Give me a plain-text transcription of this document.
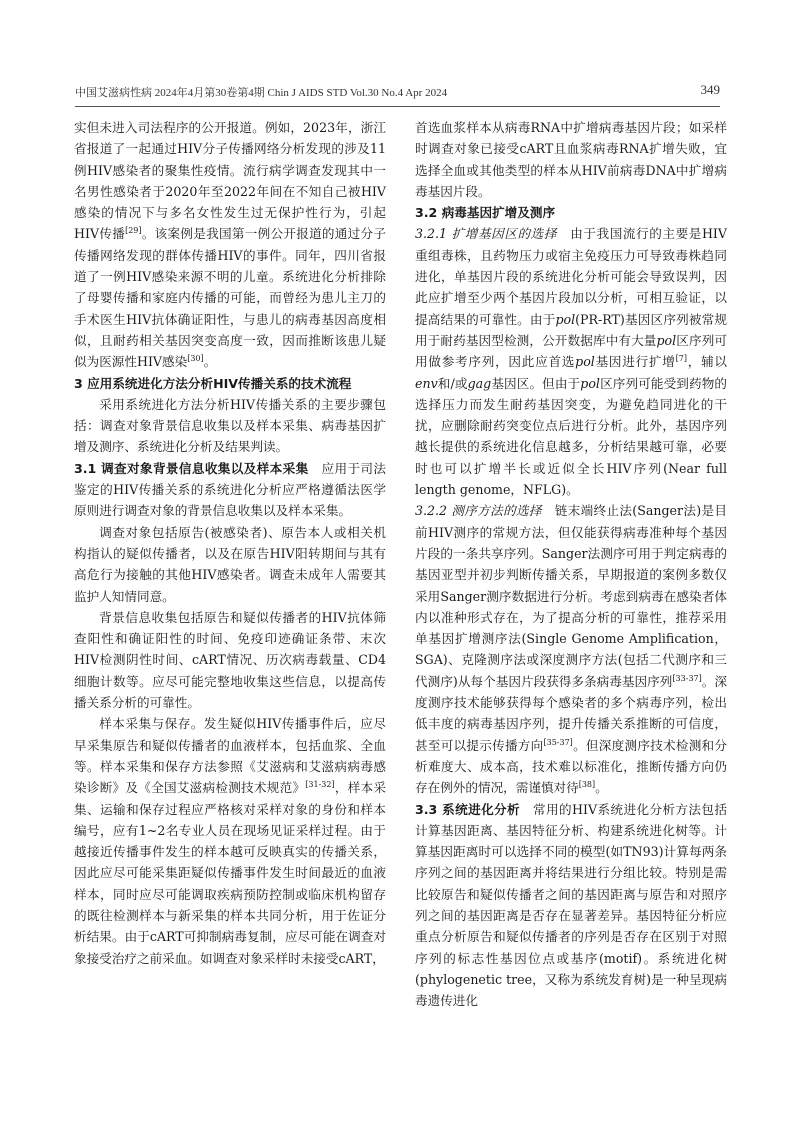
中国艾滋病性病 2024年4月第30卷第4期 Chin J AIDS STD Vol.30 No.4 Apr 2024	349

实但未进入司法程序的公开报道。例如，2023年，浙江省报道了一起通过HIV分子传播网络分析发现的涉及11例HIV感染者的聚集性疫情。流行病学调查发现其中一名男性感染者于2020年至2022年间在不知自己被HIV感染的情况下与多名女性发生过无保护性行为，引起HIV传播[29]。该案例是我国第一例公开报道的通过分子传播网络发现的群体传播HIV的事件。同年，四川省报道了一例HIV感染来源不明的儿童。系统进化分析排除了母婴传播和家庭内传播的可能，而曾经为患儿主刀的手术医生HIV抗体确证阳性，与患儿的病毒基因高度相似，且耐药相关基因突变高度一致，因而推断该患儿疑似为医源性HIV感染[30]。

3 应用系统进化方法分析HIV传播关系的技术流程

采用系统进化方法分析HIV传播关系的主要步骤包括：调查对象背景信息收集以及样本采集、病毒基因扩增及测序、系统进化分析及结果判读。

3.1 调查对象背景信息收集以及样本采集　 应用于司法鉴定的HIV传播关系的系统进化分析应严格遵循法医学原则进行调查对象的背景信息收集以及样本采集。

调查对象包括原告(被感染者)、原告本人或相关机构指认的疑似传播者，以及在原告HIV阳转期间与其有高危行为接触的其他HIV感染者。调查未成年人需要其监护人知情同意。

背景信息收集包括原告和疑似传播者的HIV抗体筛查阳性和确证阳性的时间、免疫印迹确证条带、末次HIV检测阴性时间、cART情况、历次病毒载量、CD4细胞计数等。应尽可能完整地收集这些信息，以提高传播关系分析的可靠性。

样本采集与保存。发生疑似HIV传播事件后，应尽早采集原告和疑似传播者的血液样本，包括血浆、全血等。样本采集和保存方法参照《艾滋病和艾滋病病毒感染诊断》及《全国艾滋病检测技术规范》[31-32]，样本采集、运输和保存过程应严格核对采样对象的身份和样本编号，应有1~2名专业人员在现场见证采样过程。由于越接近传播事件发生的样本越可反映真实的传播关系，因此应尽可能采集距疑似传播事件发生时间最近的血液样本，同时应尽可能调取疾病预防控制或临床机构留存的既往检测样本与新采集的样本共同分析，用于佐证分析结果。由于cART可抑制病毒复制，应尽可能在调查对象接受治疗之前采血。如调查对象采样时未接受cART，

首选血浆样本从病毒RNA中扩增病毒基因片段；如采样时调查对象已接受cART且血浆病毒RNA扩增失败，宜选择全血或其他类型的样本从HIV前病毒DNA中扩增病毒基因片段。

3.2 病毒基因扩增及测序

3.2.1 扩增基因区的选择　 由于我国流行的主要是HIV重组毒株，且药物压力或宿主免疫压力可导致毒株趋同进化，单基因片段的系统进化分析可能会导致误判，因此应扩增至少两个基因片段加以分析，可相互验证，以提高结果的可靠性。由于pol(PR-RT)基因区序列被常规用于耐药基因型检测，公开数据库中有大量pol区序列可用做参考序列，因此应首选pol基因进行扩增[7]，辅以env和/或gag基因区。但由于pol区序列可能受到药物的选择压力而发生耐药基因突变，为避免趋同进化的干扰，应删除耐药突变位点后进行分析。此外，基因序列越长提供的系统进化信息越多，分析结果越可靠，必要时也可以扩增半长或近似全长HIV序列(Near full length genome，NFLG)。

3.2.2 测序方法的选择　 链末端终止法(Sanger法)是目前HIV测序的常规方法，但仅能获得病毒准种每个基因片段的一条共享序列。Sanger法测序可用于判定病毒的基因亚型并初步判断传播关系，早期报道的案例多数仅采用Sanger测序数据进行分析。考虑到病毒在感染者体内以准种形式存在，为了提高分析的可靠性，推荐采用单基因扩增测序法(Single Genome Amplification，SGA)、克隆测序法或深度测序方法(包括二代测序和三代测序)从每个基因片段获得多条病毒基因序列[33-37]。深度测序技术能够获得每个感染者的多个病毒序列，检出低丰度的病毒基因序列，提升传播关系推断的可信度，甚至可以提示传播方向[35-37]。但深度测序技术检测和分析难度大、成本高，技术难以标准化，推断传播方向仍存在例外的情况，需谨慎对待[38]。

3.3 系统进化分析　 常用的HIV系统进化分析方法包括计算基因距离、基因特征分析、构建系统进化树等。计算基因距离时可以选择不同的模型(如TN93)计算每两条序列之间的基因距离并将结果进行分组比较。特别是需比较原告和疑似传播者之间的基因距离与原告和对照序列之间的基因距离是否存在显著差异。基因特征分析应重点分析原告和疑似传播者的序列是否存在区别于对照序列的标志性基因位点或基序(motif)。系统进化树(phylogenetic tree，又称为系统发育树)是一种呈现病毒遗传进化
